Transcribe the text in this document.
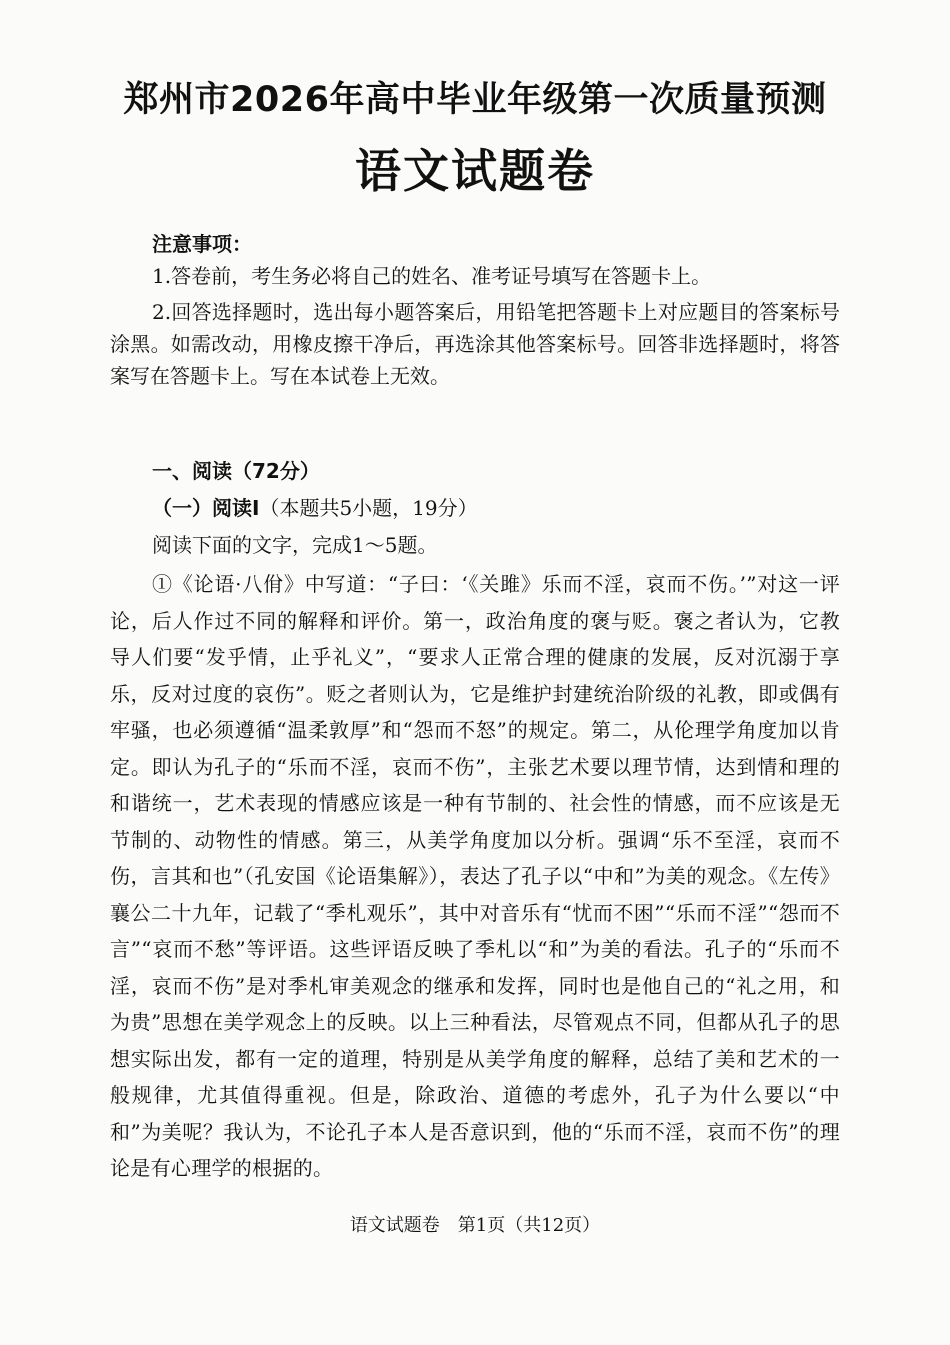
郑州市2026年高中毕业年级第一次质量预测
语文试题卷
注意事项：

1.答卷前，考生务必将自己的姓名、准考证号填写在答题卡上。

2.回答选择题时，选出每小题答案后，用铅笔把答题卡上对应题目的答案标号涂黑。如需改动，用橡皮擦干净后，再选涂其他答案标号。回答非选择题时，将答案写在答题卡上。写在本试卷上无效。

一、阅读（72分）
（一）阅读Ⅰ（本题共5小题，19分）
阅读下面的文字，完成1～5题。

①《论语·八佾》中写道：“子曰：‘《关雎》乐而不淫，哀而不伤。’”对这一评论，后人作过不同的解释和评价。第一，政治角度的褒与贬。褒之者认为，它教导人们要“发乎情，止乎礼义”，“要求人正常合理的健康的发展，反对沉溺于享乐，反对过度的哀伤”。贬之者则认为，它是维护封建统治阶级的礼教，即或偶有牢骚，也必须遵循“温柔敦厚”和“怨而不怒”的规定。第二，从伦理学角度加以肯定。即认为孔子的“乐而不淫，哀而不伤”，主张艺术要以理节情，达到情和理的和谐统一，艺术表现的情感应该是一种有节制的、社会性的情感，而不应该是无节制的、动物性的情感。第三，从美学角度加以分析。强调“乐不至淫，哀而不伤，言其和也”（孔安国《论语集解》），表达了孔子以“中和”为美的观念。《左传》襄公二十九年，记载了“季札观乐”，其中对音乐有“忧而不困”“乐而不淫”“怨而不言”“哀而不愁”等评语。这些评语反映了季札以“和”为美的看法。孔子的“乐而不淫，哀而不伤”是对季札审美观念的继承和发挥，同时也是他自己的“礼之用，和为贵”思想在美学观念上的反映。以上三种看法，尽管观点不同，但都从孔子的思想实际出发，都有一定的道理，特别是从美学角度的解释，总结了美和艺术的一般规律，尤其值得重视。但是，除政治、道德的考虑外，孔子为什么要以“中和”为美呢？我认为，不论孔子本人是否意识到，他的“乐而不淫，哀而不伤”的理论是有心理学的根据的。

语文试题卷　第1页（共12页）
